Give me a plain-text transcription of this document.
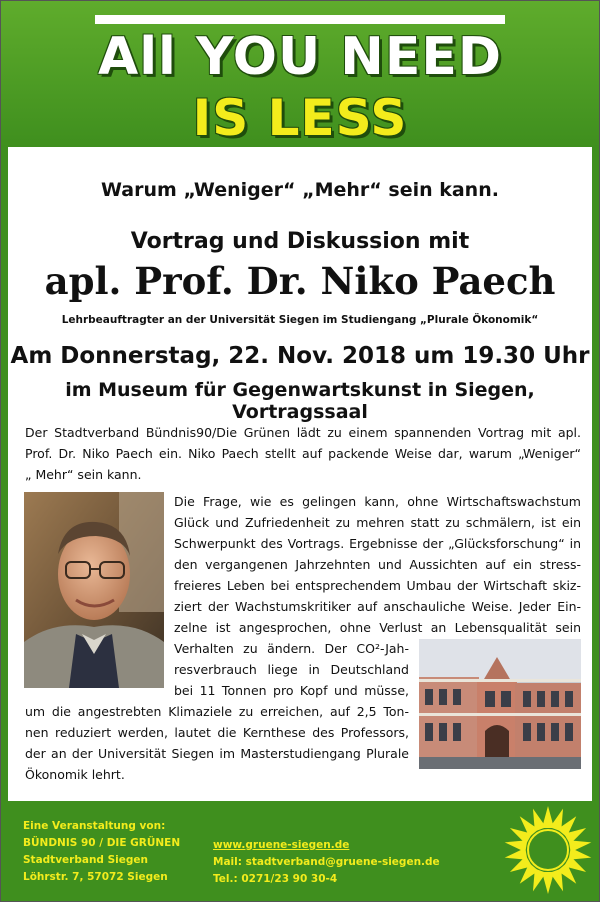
All YOU NEED
IS LESS
Warum „Weniger“ „Mehr“ sein kann.
Vortrag und Diskussion mit
apl. Prof. Dr. Niko Paech
Lehrbeauftragter an der Universität Siegen im Studiengang „Plurale Ökonomik“
Am Donnerstag, 22. Nov. 2018 um 19.30 Uhr
im Museum für Gegenwartskunst in Siegen, Vortragssaal
Der Stadtverband Bündnis90/Die Grünen lädt zu einem spannenden Vortrag mit apl.
Prof. Dr. Niko Paech ein. Niko Paech stellt auf packende Weise dar, warum „Weniger“
„ Mehr“ sein kann.
Die Frage, wie es gelingen kann, ohne Wirtschaftswachstum
Glück und Zufriedenheit zu mehren statt zu schmälern, ist ein
Schwerpunkt des Vortrags. Ergebnisse der „Glücksforschung“ in
den vergangenen Jahrzehnten und Aussichten auf ein stress-
freieres Leben bei entsprechendem Umbau der Wirtschaft skiz-
ziert der Wachstumskritiker auf anschauliche Weise. Jeder Ein-
zelne ist angesprochen, ohne Verlust an Lebensqualität sein
Verhalten zu ändern. Der CO²-Jah-
resverbrauch liege in Deutschland
bei 11 Tonnen pro Kopf und müsse,
um die angestrebten Klimaziele zu erreichen, auf 2,5 Ton-
nen reduziert werden, lautet die Kernthese des Professors,
der an der Universität Siegen im Masterstudiengang Plurale
Ökonomik lehrt.
Eine Veranstaltung von:
BÜNDNIS 90 / DIE GRÜNEN
Stadtverband Siegen
Löhrstr. 7, 57072 Siegen
www.gruene-siegen.de
Mail: stadtverband@gruene-siegen.de
Tel.: 0271/23 90 30-4
